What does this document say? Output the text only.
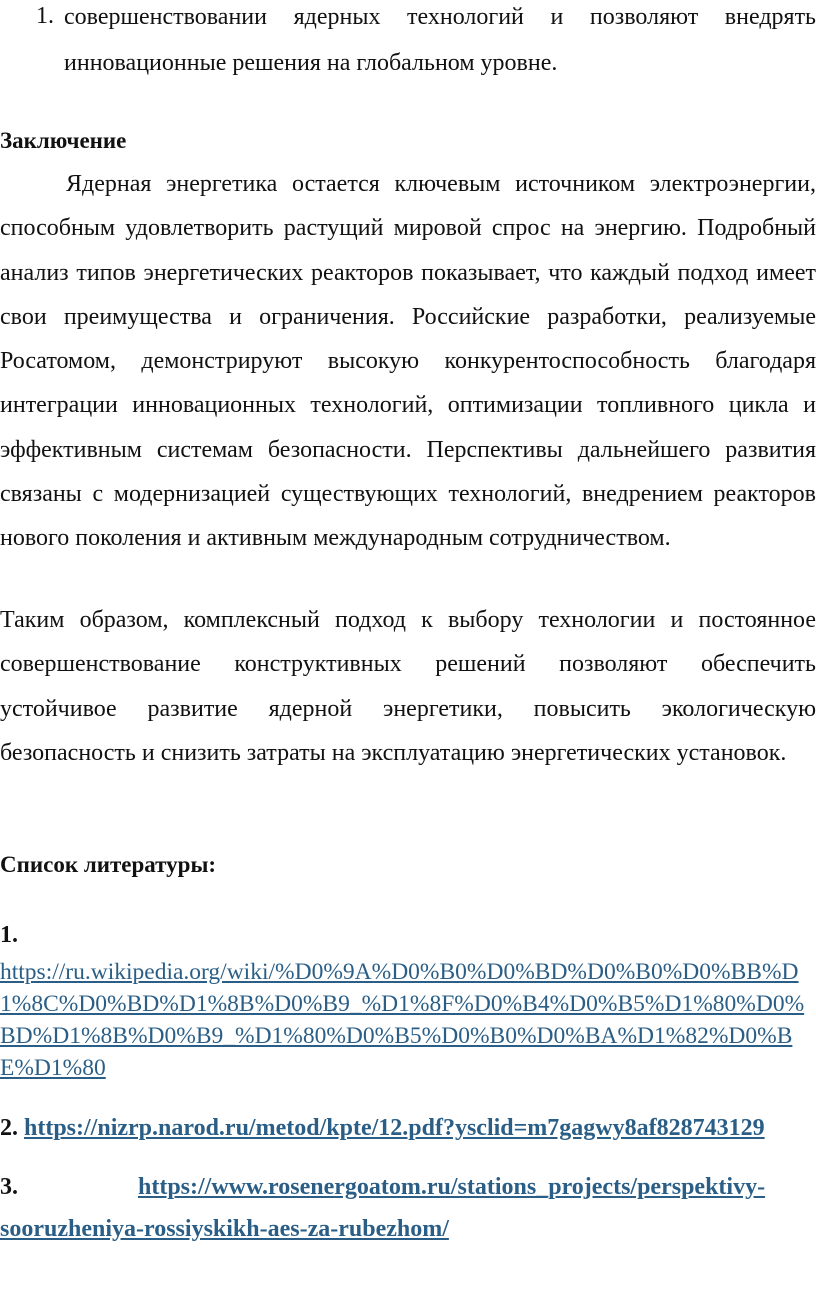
1. совершенствовании ядерных технологий и позволяют внедрять инновационные решения на глобальном уровне.
Заключение
Ядерная энергетика остается ключевым источником электроэнергии, способным удовлетворить растущий мировой спрос на энергию. Подробный анализ типов энергетических реакторов показывает, что каждый подход имеет свои преимущества и ограничения. Российские разработки, реализуемые Росатомом, демонстрируют высокую конкурентоспособность благодаря интеграции инновационных технологий, оптимизации топливного цикла и эффективным системам безопасности. Перспективы дальнейшего развития связаны с модернизацией существующих технологий, внедрением реакторов нового поколения и активным международным сотрудничеством.
Таким образом, комплексный подход к выбору технологии и постоянное совершенствование конструктивных решений позволяют обеспечить устойчивое развитие ядерной энергетики, повысить экологическую безопасность и снизить затраты на эксплуатацию энергетических установок.
Список литературы:
1.
https://ru.wikipedia.org/wiki/%D0%9A%D0%B0%D0%BD%D0%B0%D0%BB%D1%8C%D0%BD%D1%8B%D0%B9_%D1%8F%D0%B4%D0%B5%D1%80%D0%BD%D1%8B%D0%B9_%D1%80%D0%B5%D0%B0%D0%BA%D1%82%D0%BE%D1%80
2. https://nizrp.narod.ru/metod/kpte/12.pdf?ysclid=m7gagwy8af828743129
3.	https://www.rosenergoatom.ru/stations_projects/perspektivy-sooruzheniya-rossiyskikh-aes-za-rubezhom/
